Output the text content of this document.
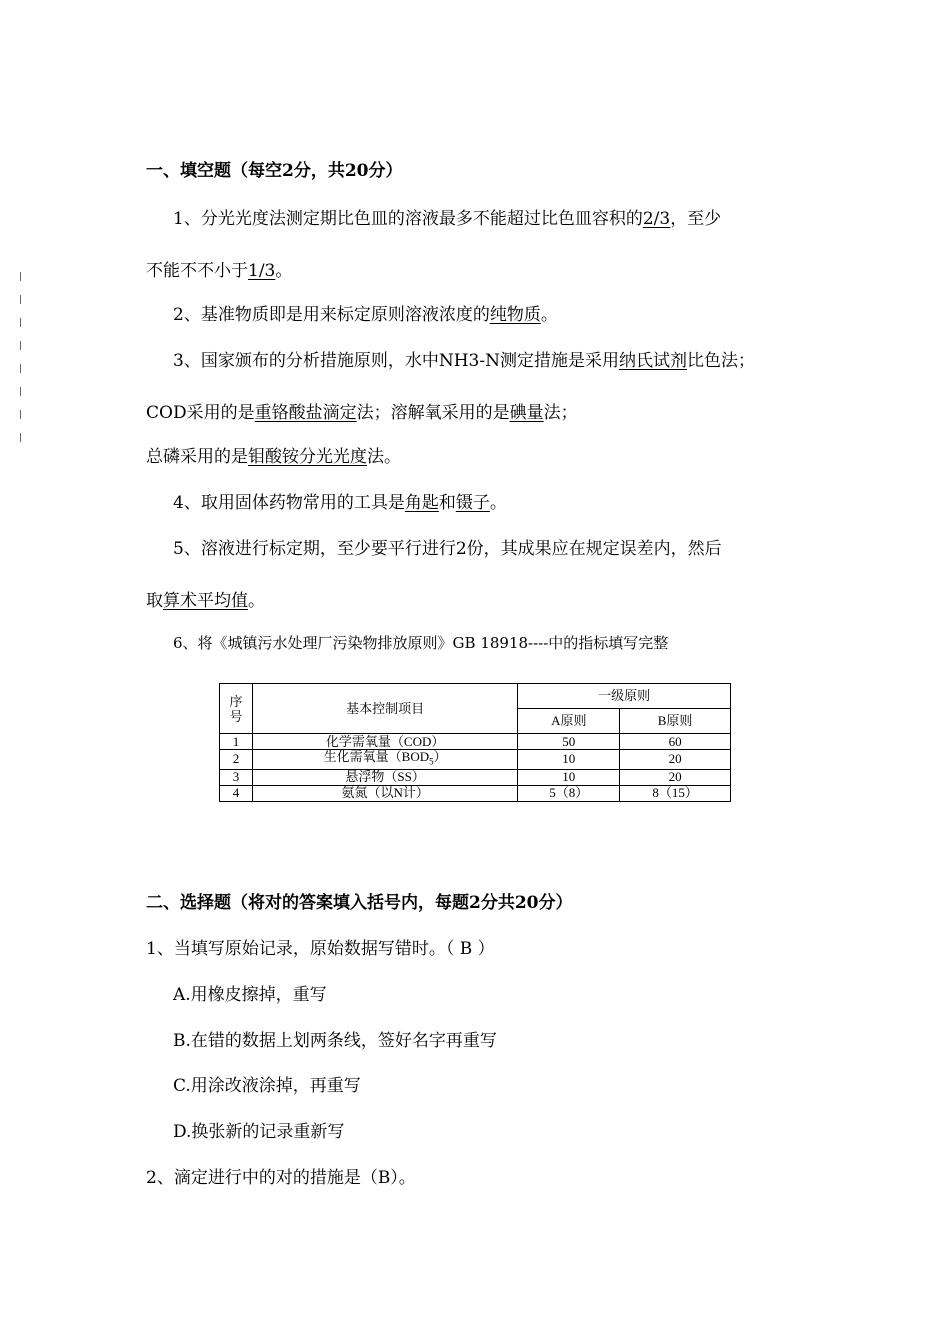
一、填空题（每空2分，共20分）
1、分光光度法测定期比色皿的溶液最多不能超过比色皿容积的2/3，至少
不能不不小于1/3。
2、基准物质即是用来标定原则溶液浓度的纯物质。
3、国家颁布的分析措施原则，水中NH3-N测定措施是采用纳氏试剂比色法；
COD采用的是重铬酸盐滴定法；溶解氧采用的是碘量法；
总磷采用的是钼酸铵分光光度法。
4、取用固体药物常用的工具是角匙和镊子。
5、溶液进行标定期，至少要平行进行2份，其成果应在规定误差内，然后
取算术平均值。
6、将《城镇污水处理厂污染物排放原则》GB 18918----中的指标填写完整
序号	基本控制项目	一级原则	
		A原则	B原则
1	化学需氧量（COD）	50	60
2	生化需氧量$(BOD_5)$	10	20
3	悬浮物（SS）	10	20
4	氨氮（以N计）	5（8）	8（15）
二、选择题（将对的答案填入括号内，每题2分共20分）
1、当填写原始记录，原始数据写错时。（ B ）
A.用橡皮擦掉，重写
B.在错的数据上划两条线，签好名字再重写
C.用涂改液涂掉，再重写
D.换张新的记录重新写
2、滴定进行中的对的措施是（B）。
